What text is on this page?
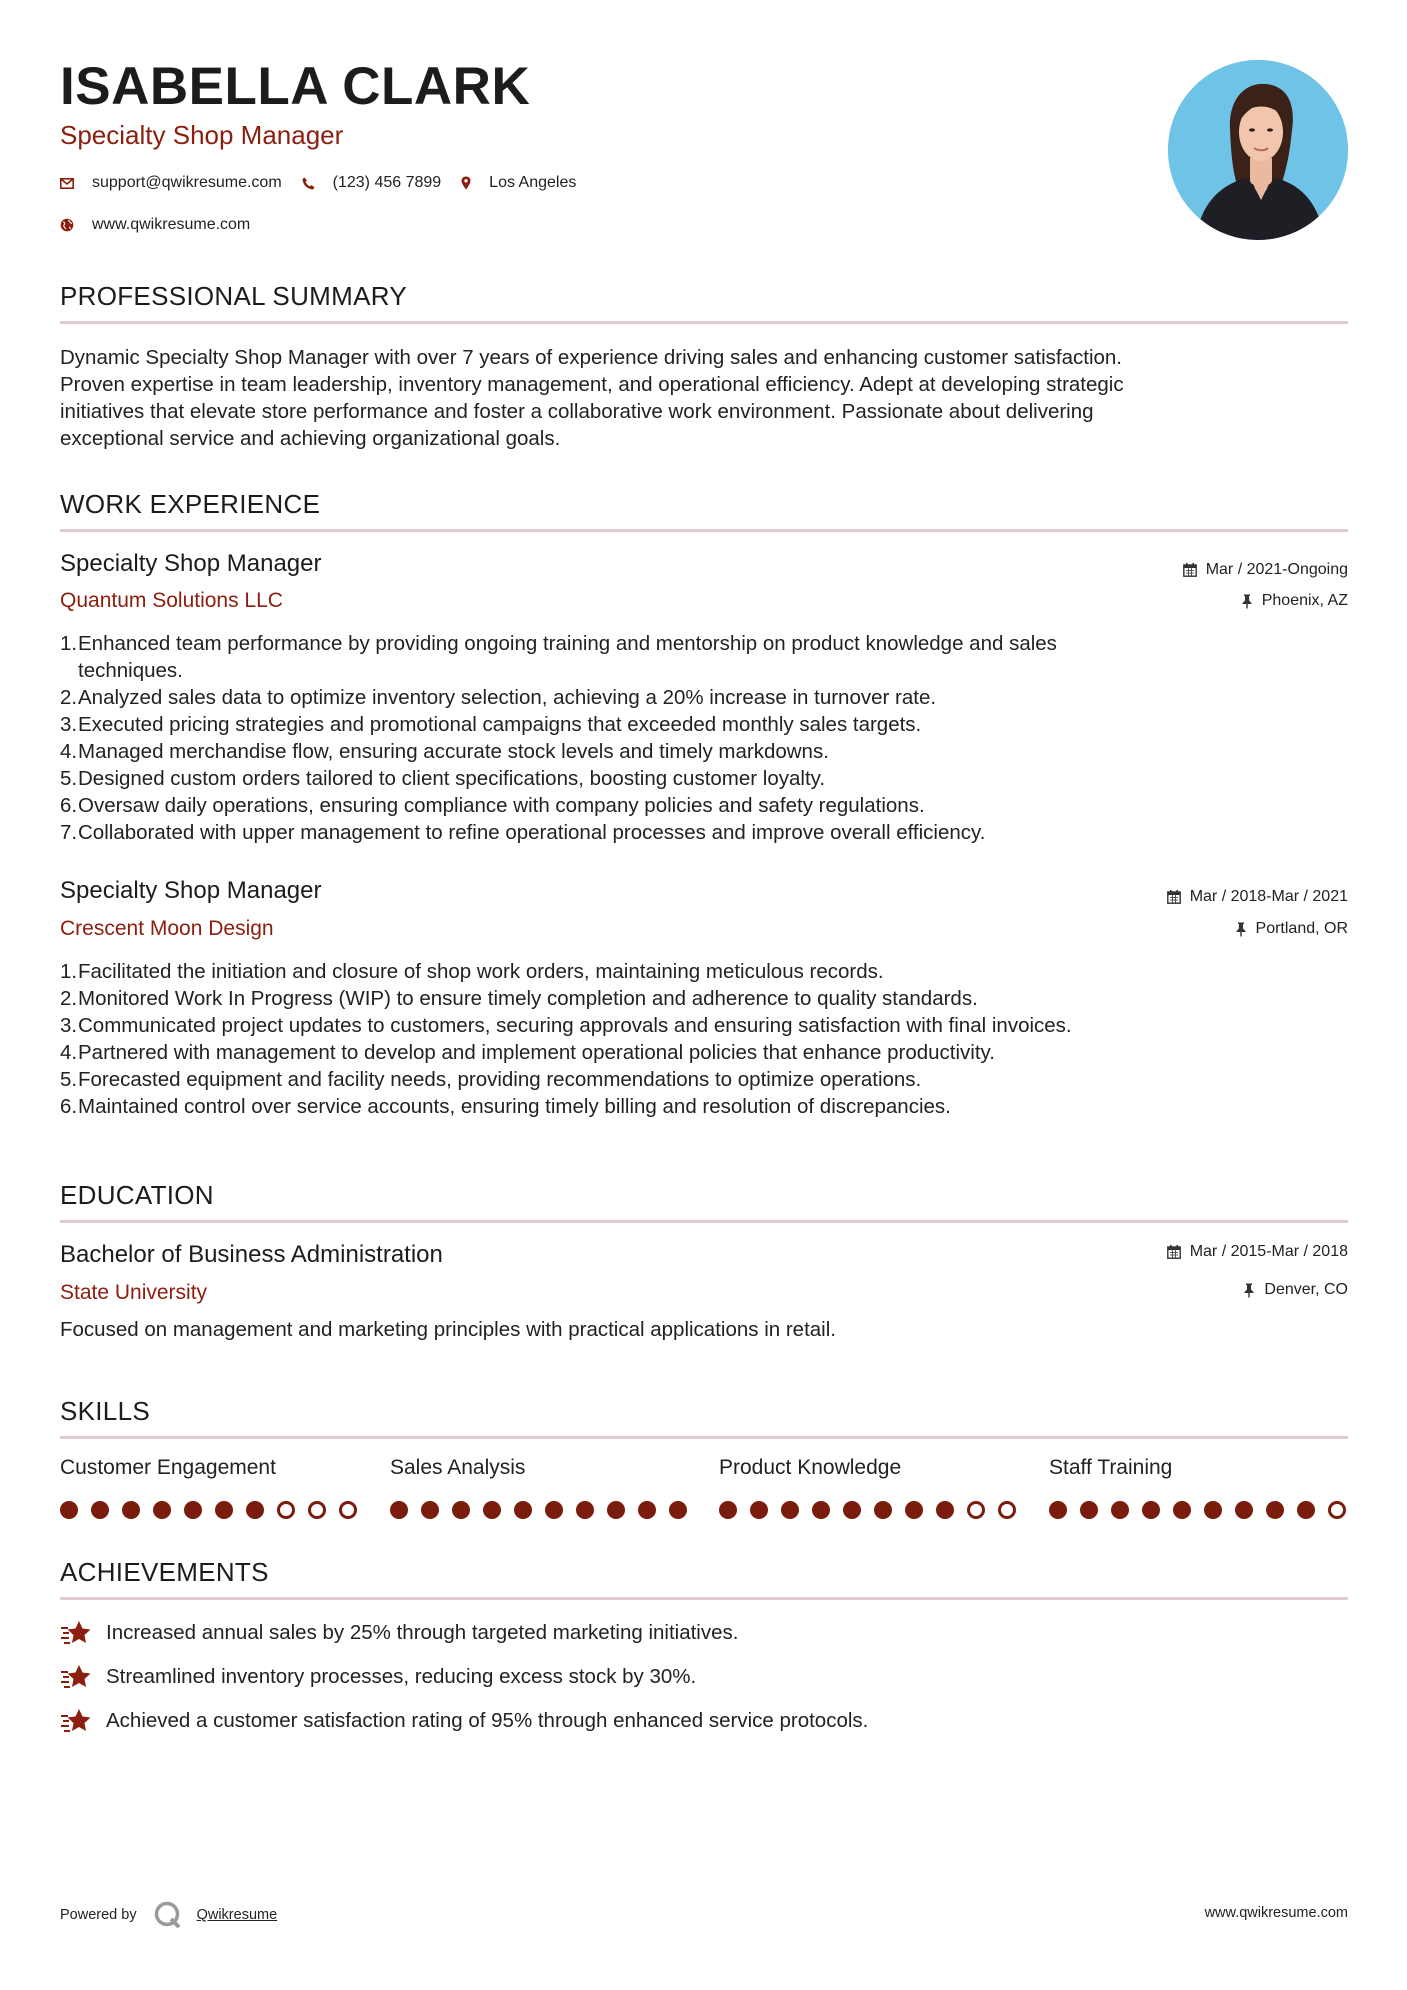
ISABELLA CLARK
Specialty Shop Manager
support@qwikresume.com	(123) 456 7899	Los Angeles
www.qwikresume.com
PROFESSIONAL SUMMARY
Dynamic Specialty Shop Manager with over 7 years of experience driving sales and enhancing customer satisfaction.
Proven expertise in team leadership, inventory management, and operational efficiency. Adept at developing strategic
initiatives that elevate store performance and foster a collaborative work environment. Passionate about delivering
exceptional service and achieving organizational goals.
WORK EXPERIENCE
Specialty Shop Manager
Quantum Solutions LLC
Mar / 2021-Ongoing
Phoenix, AZ
1. Enhanced team performance by providing ongoing training and mentorship on product knowledge and sales
techniques.
2. Analyzed sales data to optimize inventory selection, achieving a 20% increase in turnover rate.
3. Executed pricing strategies and promotional campaigns that exceeded monthly sales targets.
4. Managed merchandise flow, ensuring accurate stock levels and timely markdowns.
5. Designed custom orders tailored to client specifications, boosting customer loyalty.
6. Oversaw daily operations, ensuring compliance with company policies and safety regulations.
7. Collaborated with upper management to refine operational processes and improve overall efficiency.
Specialty Shop Manager
Crescent Moon Design
Mar / 2018-Mar / 2021
Portland, OR
1. Facilitated the initiation and closure of shop work orders, maintaining meticulous records.
2. Monitored Work In Progress (WIP) to ensure timely completion and adherence to quality standards.
3. Communicated project updates to customers, securing approvals and ensuring satisfaction with final invoices.
4. Partnered with management to develop and implement operational policies that enhance productivity.
5. Forecasted equipment and facility needs, providing recommendations to optimize operations.
6. Maintained control over service accounts, ensuring timely billing and resolution of discrepancies.
EDUCATION
Bachelor of Business Administration
State University
Mar / 2015-Mar / 2018
Denver, CO
Focused on management and marketing principles with practical applications in retail.
SKILLS
Customer Engagement	Sales Analysis	Product Knowledge	Staff Training
ACHIEVEMENTS
Increased annual sales by 25% through targeted marketing initiatives.
Streamlined inventory processes, reducing excess stock by 30%.
Achieved a customer satisfaction rating of 95% through enhanced service protocols.
Powered by	Qwikresume	www.qwikresume.com
